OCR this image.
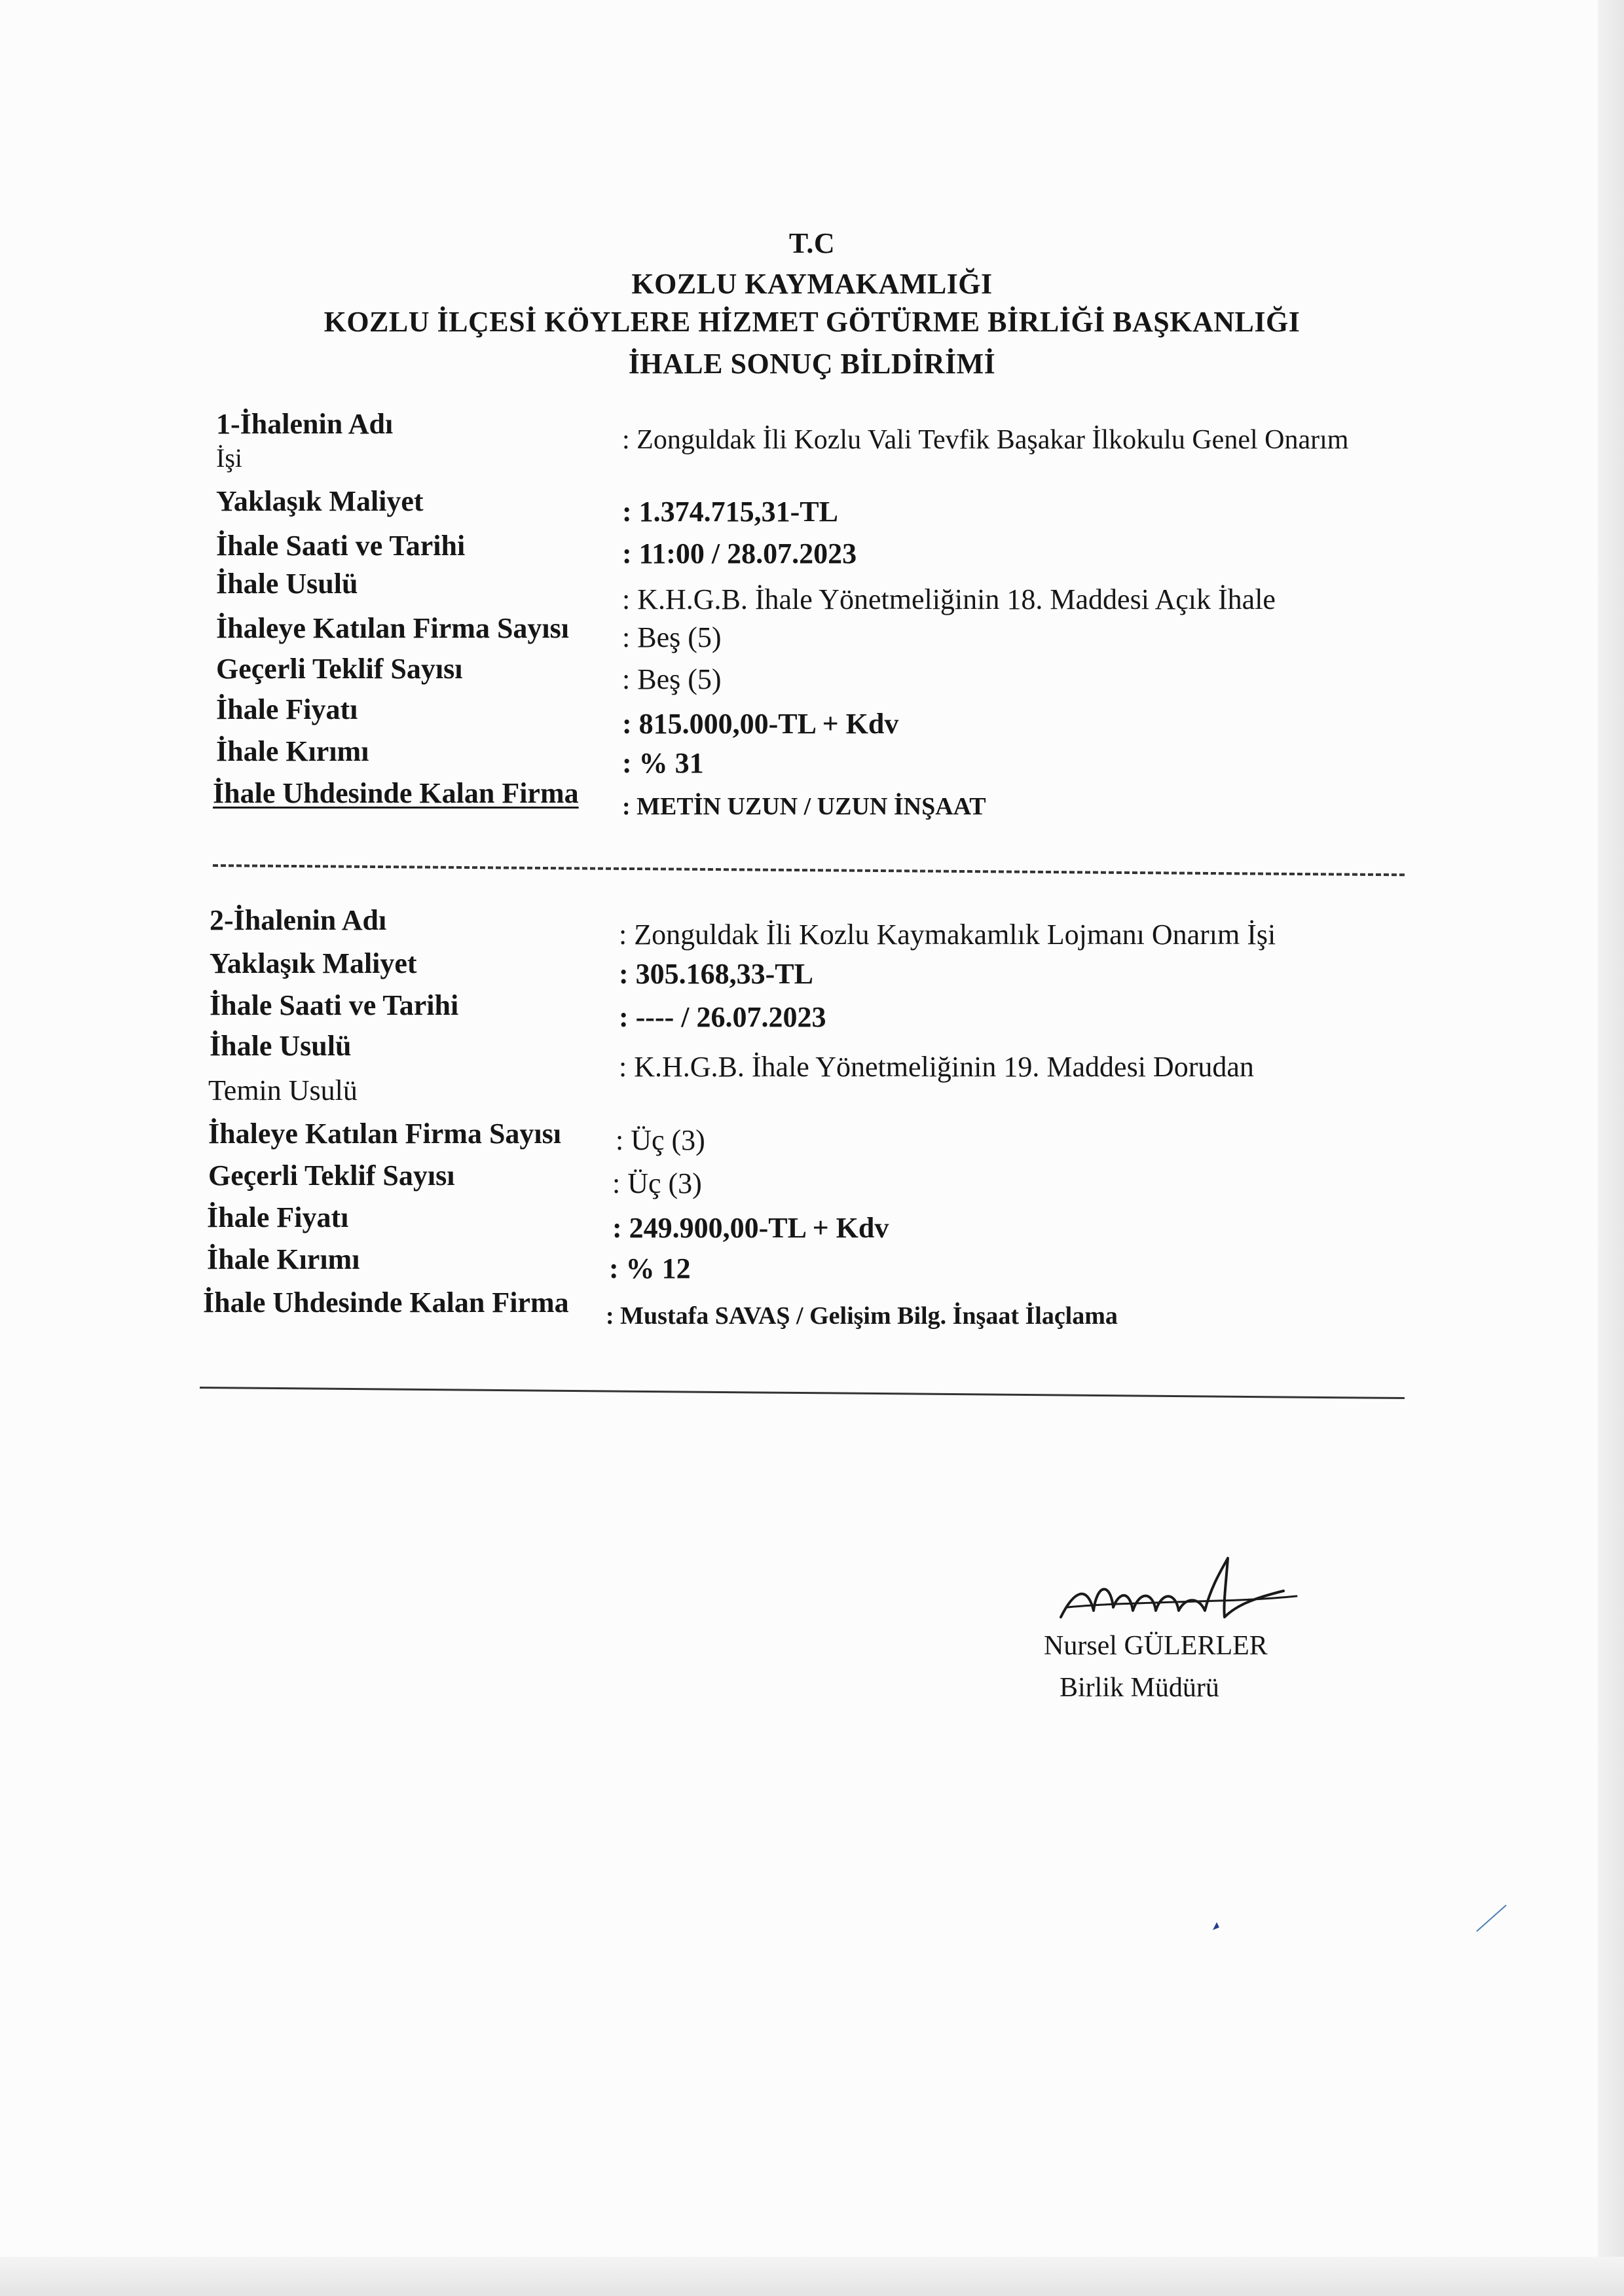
T.C
KOZLU KAYMAKAMLIĞI
KOZLU İLÇESİ KÖYLERE HİZMET GÖTÜRME BİRLİĞİ BAŞKANLIĞI
İHALE SONUÇ BİLDİRİMİ
1-İhalenin Adı
İşi
: Zonguldak İli Kozlu Vali Tevfik Başakar İlkokulu Genel Onarım
Yaklaşık Maliyet	: 1.374.715,31-TL
İhale Saati ve Tarihi	: 11:00 / 28.07.2023
İhale Usulü	: K.H.G.B. İhale Yönetmeliğinin 18. Maddesi Açık İhale
İhaleye Katılan Firma Sayısı : Beş (5)
Geçerli Teklif Sayısı	: Beş (5)
İhale Fiyatı	: 815.000,00-TL + Kdv
İhale Kırımı	: % 31
İhale Uhdesinde Kalan Firma : METİN UZUN / UZUN İNŞAAT
2-İhalenin Adı	: Zonguldak İli Kozlu Kaymakamlık Lojmanı Onarım İşi
Yaklaşık Maliyet	: 305.168,33-TL
İhale Saati ve Tarihi	: ---- / 26.07.2023
İhale Usulü
: K.H.G.B. İhale Yönetmeliğinin 19. Maddesi Dorudan
Temin Usulü
İhaleye Katılan Firma Sayısı : Üç (3)
Geçerli Teklif Sayısı	: Üç (3)
İhale Fiyatı	: 249.900,00-TL + Kdv
İhale Kırımı	: % 12
İhale Uhdesinde Kalan Firma : Mustafa SAVAŞ / Gelişim Bilg. İnşaat İlaçlama
Nursel GÜLERLER
Birlik Müdürü
